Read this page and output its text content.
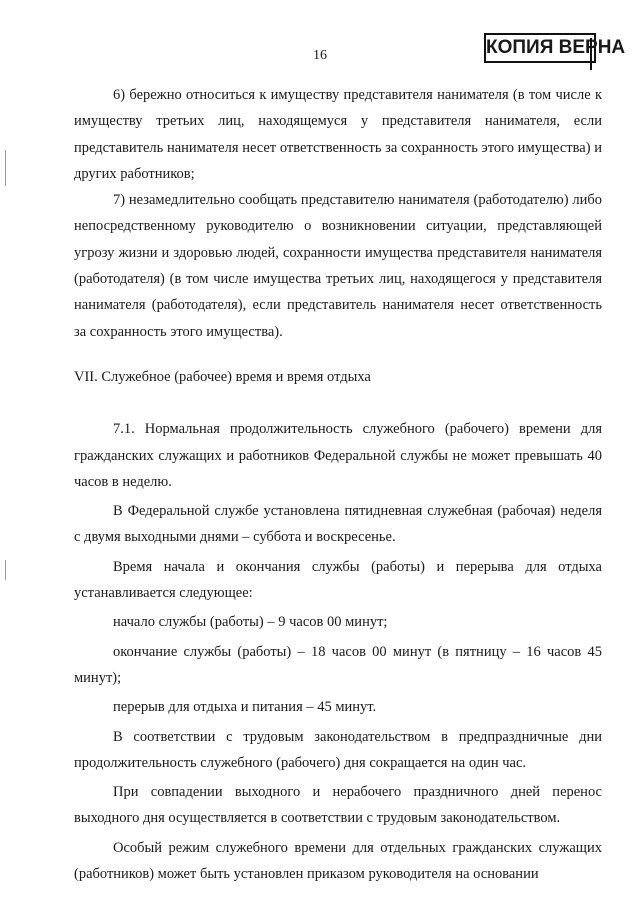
16	КОПИЯ ВЕРНА

6) бережно относиться к имуществу представителя нанимателя (в том числе к имуществу третьих лиц, находящемуся у представителя нанимателя, если представитель нанимателя несет ответственность за сохранность этого имущества) и других работников;

7) незамедлительно сообщать представителю нанимателя (работодателю) либо непосредственному руководителю о возникновении ситуации, представляющей угрозу жизни и здоровью людей, сохранности имущества представителя нанимателя (работодателя) (в том числе имущества третьих лиц, находящегося у представителя нанимателя (работодателя), если представитель нанимателя несет ответственность за сохранность этого имущества).

VII. Служебное (рабочее) время и время отдыха

7.1. Нормальная продолжительность служебного (рабочего) времени для гражданских служащих и работников Федеральной службы не может превышать 40 часов в неделю.

В Федеральной службе установлена пятидневная служебная (рабочая) неделя с двумя выходными днями – суббота и воскресенье.

Время начала и окончания службы (работы) и перерыва для отдыха устанавливается следующее:

начало службы (работы) – 9 часов 00 минут;

окончание службы (работы) – 18 часов 00 минут (в пятницу – 16 часов 45 минут);

перерыв для отдыха и питания – 45 минут.

В соответствии с трудовым законодательством в предпраздничные дни продолжительность служебного (рабочего) дня сокращается на один час.

При совпадении выходного и нерабочего праздничного дней перенос выходного дня осуществляется в соответствии с трудовым законодательством.

Особый режим служебного времени для отдельных гражданских служащих (работников) может быть установлен приказом руководителя на основании
